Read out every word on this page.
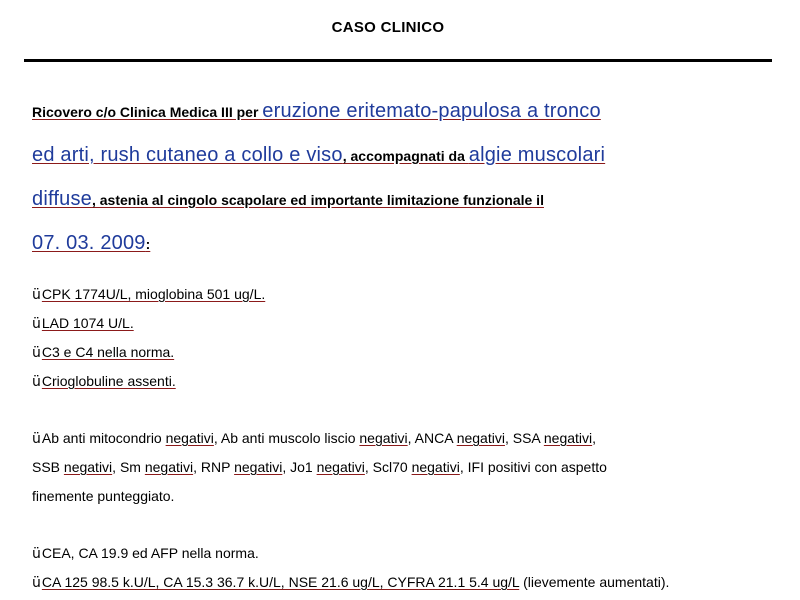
CASO CLINICO
Ricovero c/o Clinica Medica III per eruzione eritemato-papulosa a tronco
ed arti, rush cutaneo a collo e viso, accompagnati da algie muscolari
diffuse, astenia al cingolo scapolare ed importante limitazione funzionale il
07. 03. 2009:
üCPK 1774U/L, mioglobina 501 ug/L.
üLAD 1074 U/L.
üC3 e C4 nella norma.
üCrioglobuline assenti.
üAb anti mitocondrio negativi, Ab anti muscolo liscio negativi, ANCA negativi, SSA negativi,
SSB negativi, Sm negativi, RNP negativi, Jo1 negativi, Scl70 negativi, IFI positivi con aspetto
finemente punteggiato.
üCEA, CA 19.9 ed AFP nella norma.
üCA 125 98.5 k.U/L, CA 15.3 36.7 k.U/L, NSE 21.6 ug/L, CYFRA 21.1 5.4 ug/L (lievemente aumentati).
